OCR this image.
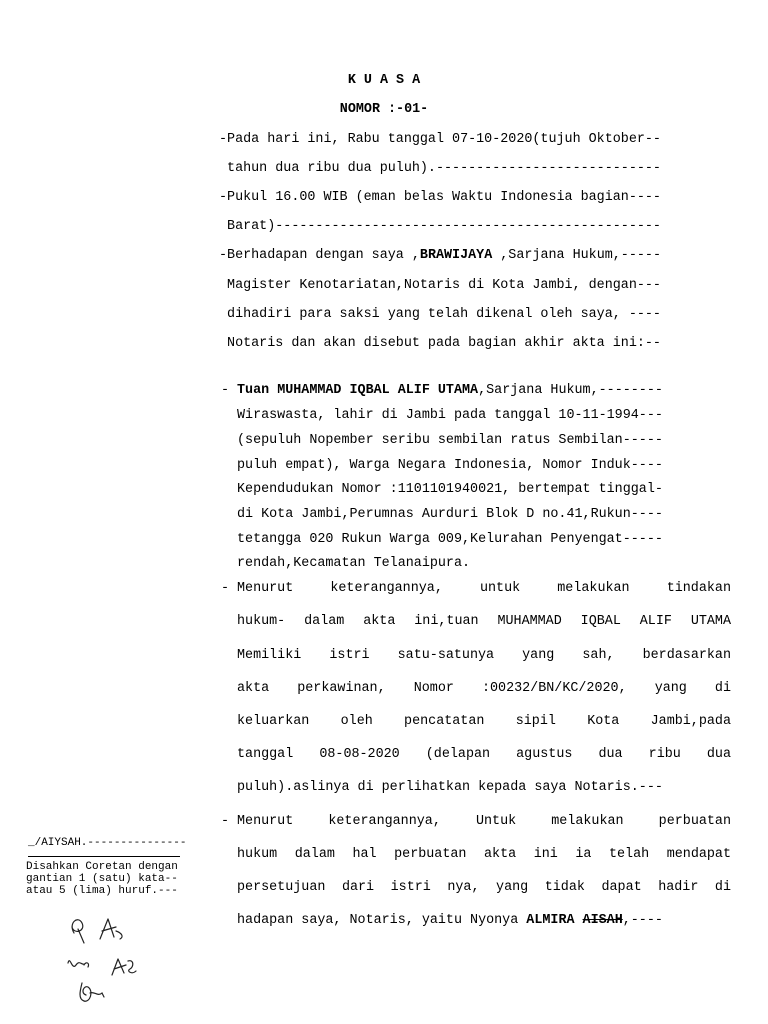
K U A S A
NOMOR :-01-
-Pada hari ini, Rabu tanggal 07-10-2020(tujuh Oktober--
tahun dua ribu dua puluh).----------------------------
-Pukul 16.00 WIB (eman belas Waktu Indonesia bagian----
Barat)------------------------------------------------
-Berhadapan dengan saya ,BRAWIJAYA ,Sarjana Hukum,-----
Magister Kenotariatan,Notaris di Kota Jambi, dengan---
dihadiri para saksi yang telah dikenal oleh saya, ----
Notaris dan akan disebut pada bagian akhir akta ini:--
- Tuan MUHAMMAD IQBAL ALIF UTAMA,Sarjana Hukum,--------
Wiraswasta, lahir di Jambi pada tanggal 10-11-1994---
(sepuluh Nopember seribu sembilan ratus Sembilan-----
puluh empat), Warga Negara Indonesia, Nomor Induk----
Kependudukan Nomor :1101101940021, bertempat tinggal-
di Kota Jambi,Perumnas Aurduri Blok D no.41,Rukun----
tetangga 020 Rukun Warga 009,Kelurahan Penyengat-----
rendah,Kecamatan Telanaipura.
- Menurut keterangannya, untuk melakukan tindakan
hukum- dalam akta ini,tuan MUHAMMAD IQBAL ALIF UTAMA
Memiliki istri satu-satunya yang sah, berdasarkan
akta perkawinan, Nomor :00232/BN/KC/2020, yang di
keluarkan oleh pencatatan sipil Kota Jambi,pada
tanggal 08-08-2020 (delapan agustus dua ribu dua
puluh).aslinya di perlihatkan kepada saya Notaris.---
- Menurut keterangannya, Untuk melakukan perbuatan
hukum dalam hal perbuatan akta ini ia telah mendapat
persetujuan dari istri nya, yang tidak dapat hadir di
hadapan saya, Notaris, yaitu Nyonya ALMIRA AISAH,----
_/AIYSAH.---------------
Disahkan Coretan dengan
gantian 1 (satu) kata--
atau 5 (lima) huruf.---
